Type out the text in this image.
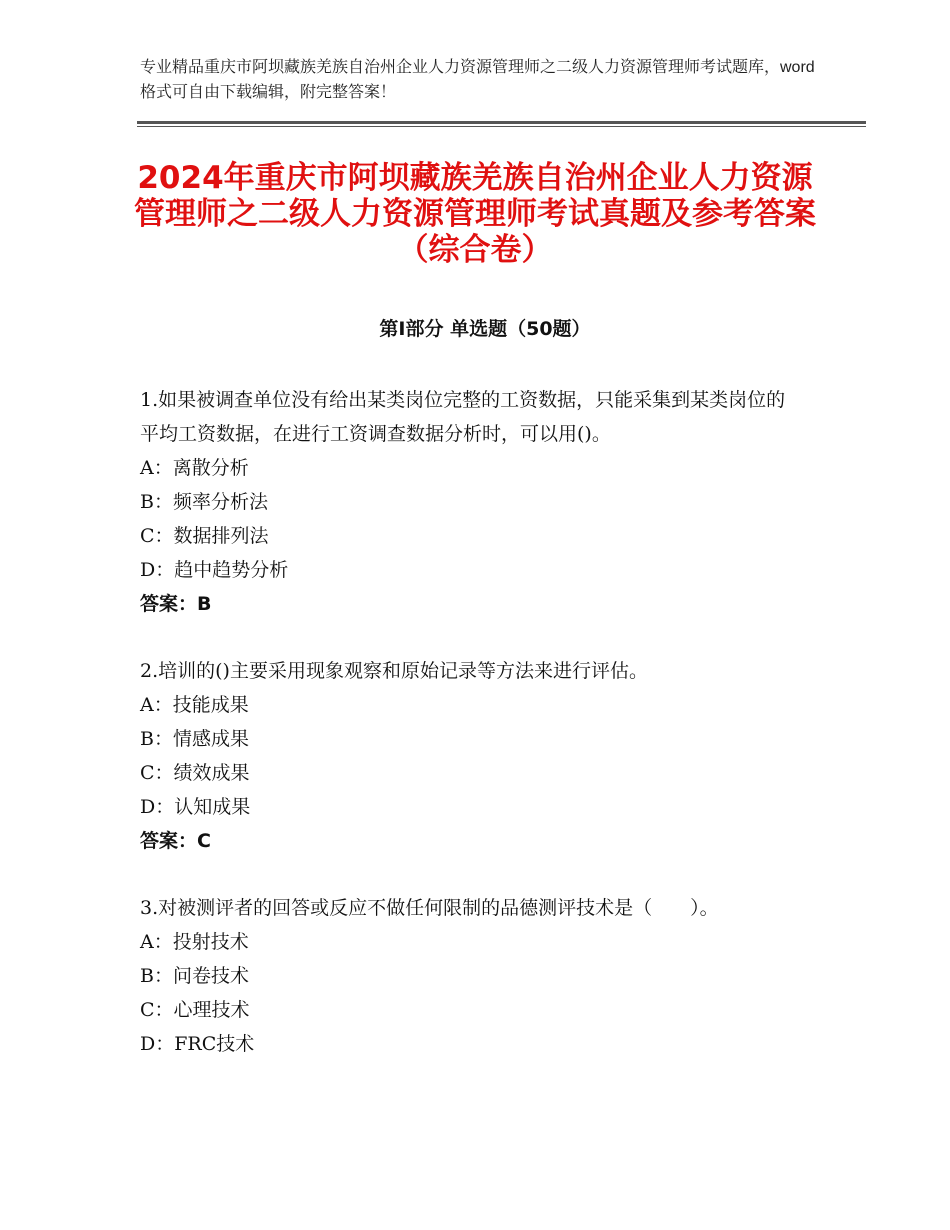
专业精品重庆市阿坝藏族羌族自治州企业人力资源管理师之二级人力资源管理师考试题库，word格式可自由下载编辑，附完整答案！
2024年重庆市阿坝藏族羌族自治州企业人力资源管理师之二级人力资源管理师考试真题及参考答案（综合卷）
第Ⅰ部分 单选题（50题）

1.如果被调查单位没有给出某类岗位完整的工资数据，只能采集到某类岗位的平均工资数据，在进行工资调查数据分析时，可以用()。

A：离散分析

B：频率分析法

C：数据排列法

D：趋中趋势分析

答案：B

2.培训的()主要采用现象观察和原始记录等方法来进行评估。

A：技能成果

B：情感成果

C：绩效成果

D：认知成果

答案：C

3.对被测评者的回答或反应不做任何限制的品德测评技术是（　　）。

A：投射技术

B：问卷技术

C：心理技术

D：FRC技术
